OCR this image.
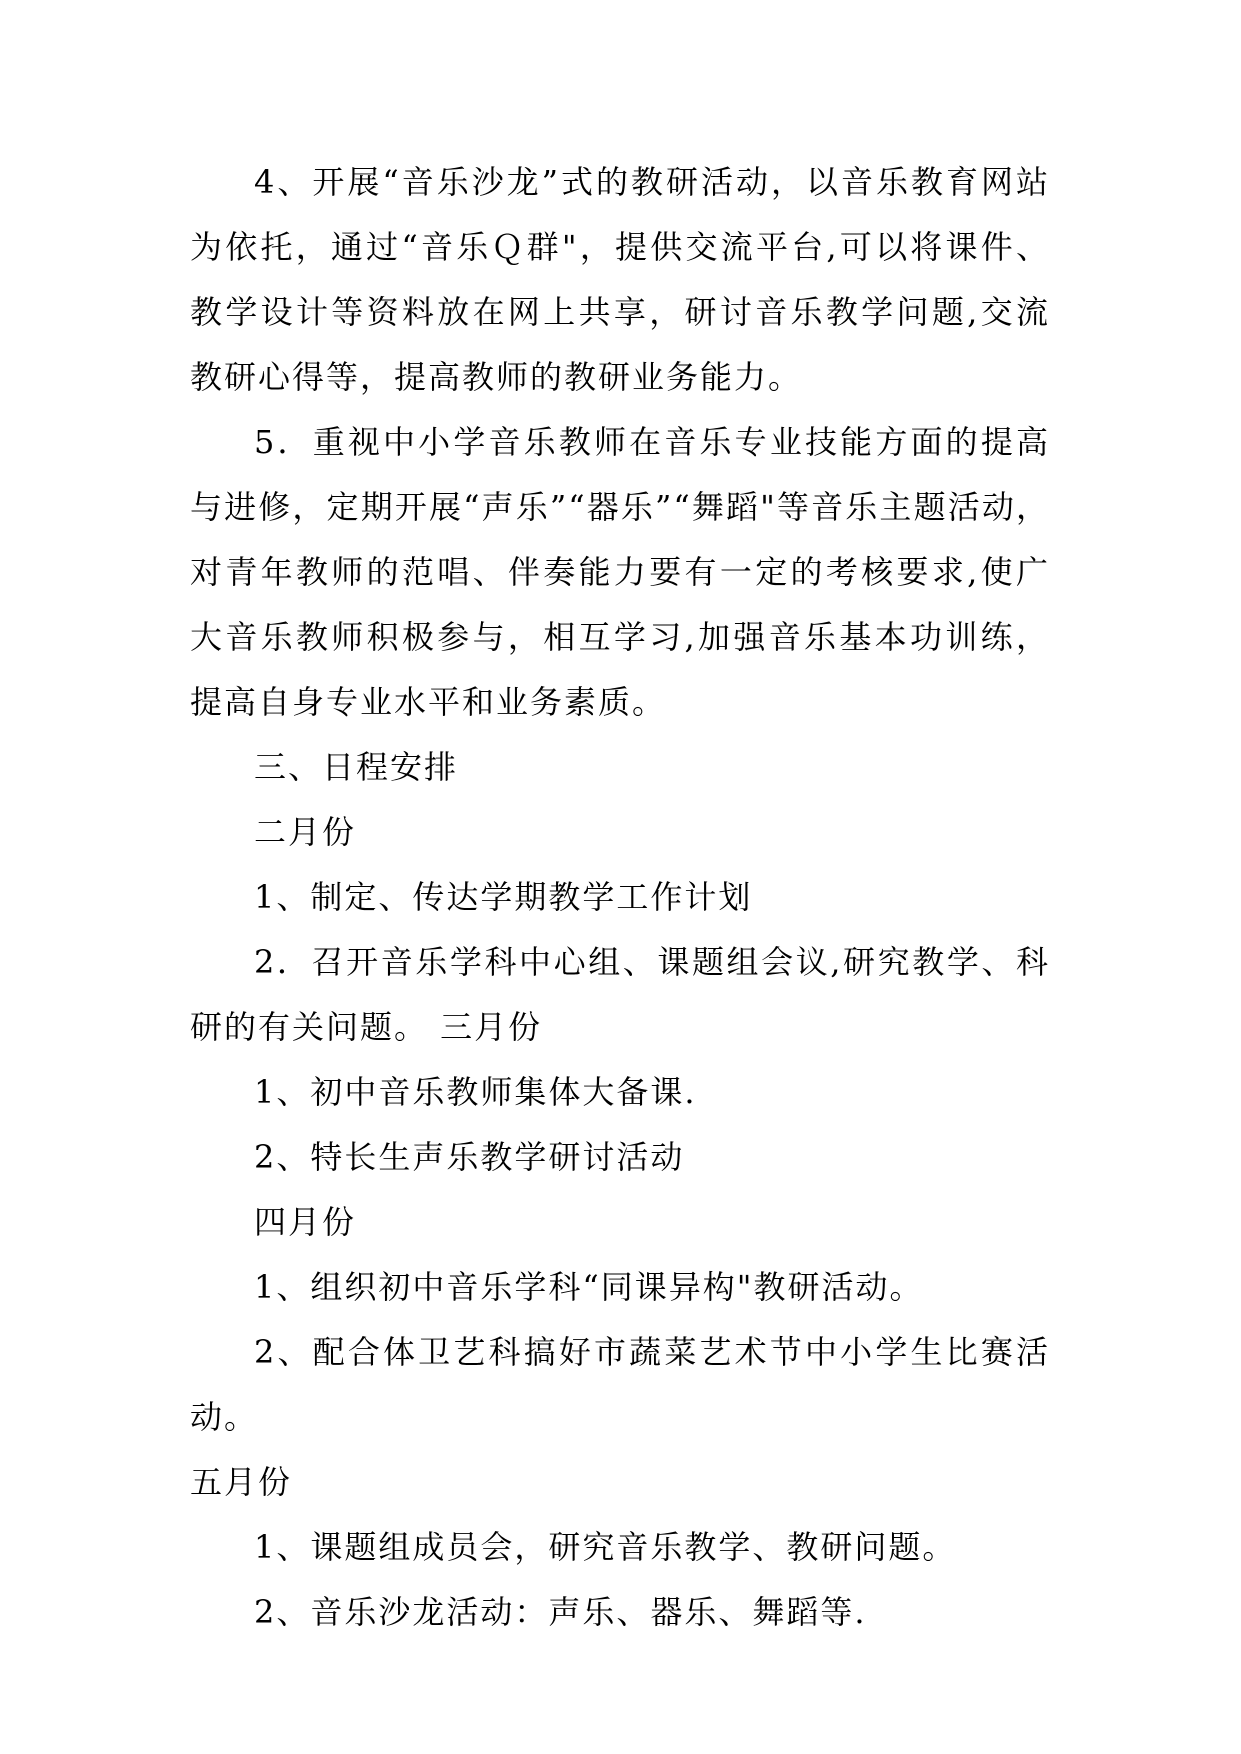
4、开展“音乐沙龙”式的教研活动，以音乐教育网站为依托，通过“音乐Ｑ群"，提供交流平台,可以将课件、教学设计等资料放在网上共享，研讨音乐教学问题,交流教研心得等，提高教师的教研业务能力。

5．重视中小学音乐教师在音乐专业技能方面的提高与进修，定期开展“声乐”“器乐”“舞蹈"等音乐主题活动，对青年教师的范唱、伴奏能力要有一定的考核要求,使广大音乐教师积极参与，相互学习,加强音乐基本功训练，提高自身专业水平和业务素质。

三、日程安排

二月份

1、制定、传达学期教学工作计划

2．召开音乐学科中心组、课题组会议,研究教学、科研的有关问题。 三月份

1、初中音乐教师集体大备课.

2、特长生声乐教学研讨活动

四月份

1、组织初中音乐学科“同课异构"教研活动。

2、配合体卫艺科搞好市蔬菜艺术节中小学生比赛活动。

五月份

1、课题组成员会，研究音乐教学、教研问题。

2、音乐沙龙活动：声乐、器乐、舞蹈等.
